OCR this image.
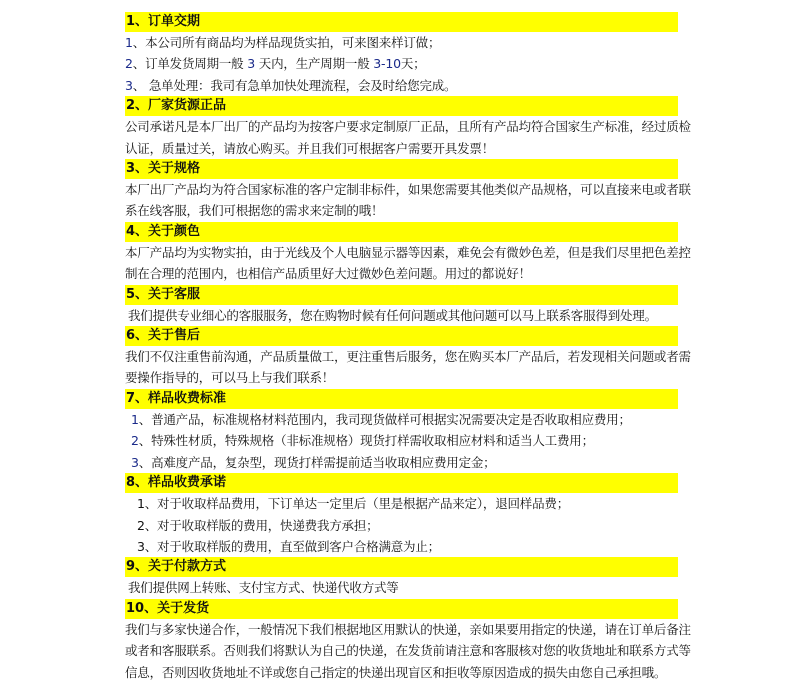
1、订单交期
1、本公司所有商品均为样品现货实拍，可来图来样订做；
2、订单发货周期一般 3 天内，生产周期一般 3-10天；
3、 急单处理：我司有急单加快处理流程，会及时给您完成。
2、厂家货源正品
公司承诺凡是本厂出厂的产品均为按客户要求定制原厂正品，且所有产品均符合国家生产标准，经过质检
认证，质量过关，请放心购买。并且我们可根据客户需要开具发票！
3、关于规格
本厂出厂产品均为符合国家标准的客户定制非标件，如果您需要其他类似产品规格，可以直接来电或者联
系在线客服，我们可根据您的需求来定制的哦！
4、关于颜色
本厂产品均为实物实拍，由于光线及个人电脑显示器等因素，难免会有微妙色差，但是我们尽里把色差控
制在合理的范围内，也相信产品质里好大过微妙色差问题。用过的都说好！
5、关于客服
我们提供专业细心的客服服务，您在购物时候有任何问题或其他问题可以马上联系客服得到处理。
6、关于售后
我们不仅注重售前沟通，产品质量做工，更注重售后服务，您在购买本厂产品后，若发现相关问题或者需
要操作指导的，可以马上与我们联系！
7、样品收费标准
1、普通产品，标准规格材料范围内，我司现货做样可根据实况需要决定是否收取相应费用；
2、特殊性材质，特殊规格（非标准规格）现货打样需收取相应材料和适当人工费用；
3、高难度产品，复杂型，现货打样需提前适当收取相应费用定金；
8、样品收费承诺
1、对于收取样品费用，下订单达一定里后（里是根据产品来定），退回样品费；
2、对于收取样版的费用，快递费我方承担；
3、对于收取样版的费用，直至做到客户合格满意为止；
9、关于付款方式
我们提供网上转账、支付宝方式、快递代收方式等
10、关于发货
我们与多家快递合作，一般情况下我们根据地区用默认的快递，亲如果要用指定的快递，请在订单后备注
或者和客服联系。否则我们将默认为自己的快递，在发货前请注意和客服核对您的收货地址和联系方式等
信息，否则因收货地址不详或您自己指定的快递出现盲区和拒收等原因造成的损失由您自己承担哦。
